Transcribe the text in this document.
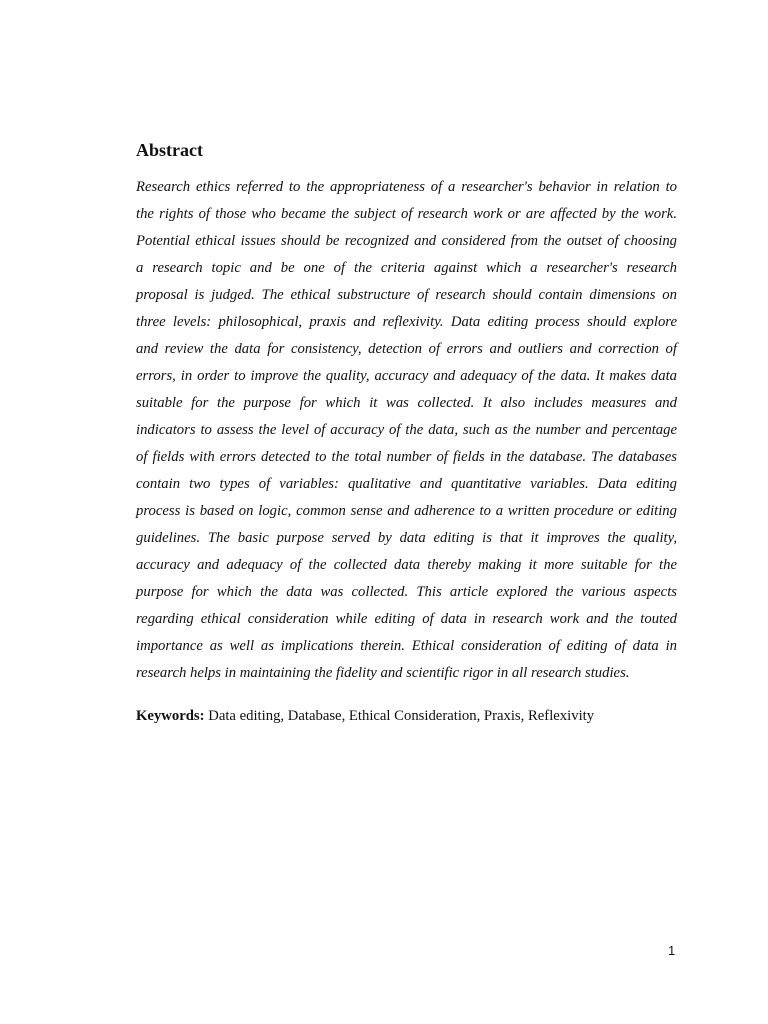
Abstract

Research ethics referred to the appropriateness of a researcher's behavior in relation to
the rights of those who became the subject of research work or are affected by the work.
Potential ethical issues should be recognized and considered from the outset of choosing
a research topic and be one of the criteria against which a researcher's research
proposal is judged. The ethical substructure of research should contain dimensions on
three levels: philosophical, praxis and reflexivity. Data editing process should explore
and review the data for consistency, detection of errors and outliers and correction of
errors, in order to improve the quality, accuracy and adequacy of the data. It makes data
suitable for the purpose for which it was collected. It also includes measures and
indicators to assess the level of accuracy of the data, such as the number and percentage
of fields with errors detected to the total number of fields in the database. The databases
contain two types of variables: qualitative and quantitative variables. Data editing
process is based on logic, common sense and adherence to a written procedure or editing
guidelines. The basic purpose served by data editing is that it improves the quality,
accuracy and adequacy of the collected data thereby making it more suitable for the
purpose for which the data was collected. This article explored the various aspects
regarding ethical consideration while editing of data in research work and the touted
importance as well as implications therein. Ethical consideration of editing of data in
research helps in maintaining the fidelity and scientific rigor in all research studies.

Keywords: Data editing, Database, Ethical Consideration, Praxis, Reflexivity

1
